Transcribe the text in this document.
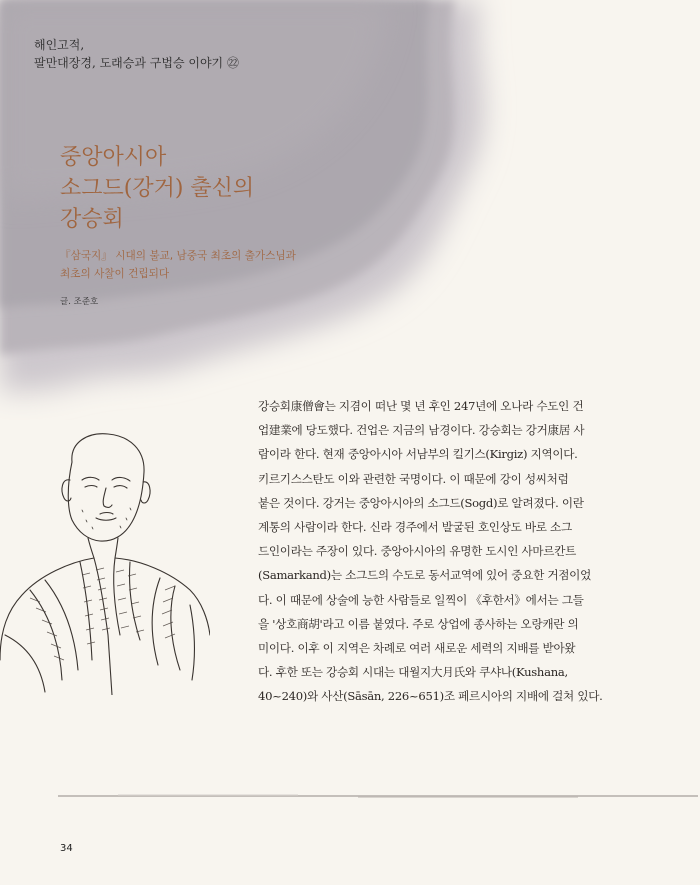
해인고적,
팔만대장경, 도래승과 구법승 이야기 ㉒
중앙아시아
소그드(강거) 출신의
강승회
『삼국지』 시대의 불교, 남중국 최초의 출가스님과
최초의 사찰이 건립되다
글. 조준호
강승회康僧會는 지겸이 떠난 몇 년 후인 247년에 오나라 수도인 건
업建業에 당도했다. 건업은 지금의 남경이다. 강승회는 강거康居 사
람이라 한다. 현재 중앙아시아 서남부의 킬기스(Kirgiz) 지역이다.
키르기스스탄도 이와 관련한 국명이다. 이 때문에 강이 성씨처럼
붙은 것이다. 강거는 중앙아시아의 소그드(Sogd)로 알려졌다. 이란
계통의 사람이라 한다. 신라 경주에서 발굴된 호인상도 바로 소그
드인이라는 주장이 있다. 중앙아시아의 유명한 도시인 사마르칸트
(Samarkand)는 소그드의 수도로 동서교역에 있어 중요한 거점이었
다. 이 때문에 상술에 능한 사람들로 일찍이 《후한서》에서는 그들
을 '상호商胡'라고 이름 붙였다. 주로 상업에 종사하는 오랑캐란 의
미이다. 이후 이 지역은 차례로 여러 새로운 세력의 지배를 받아왔
다. 후한 또는 강승회 시대는 대월지大月氏와 쿠샤나(Kushana,
40~240)와 사산(Sāsān, 226~651)조 페르시아의 지배에 걸쳐 있다.
34
